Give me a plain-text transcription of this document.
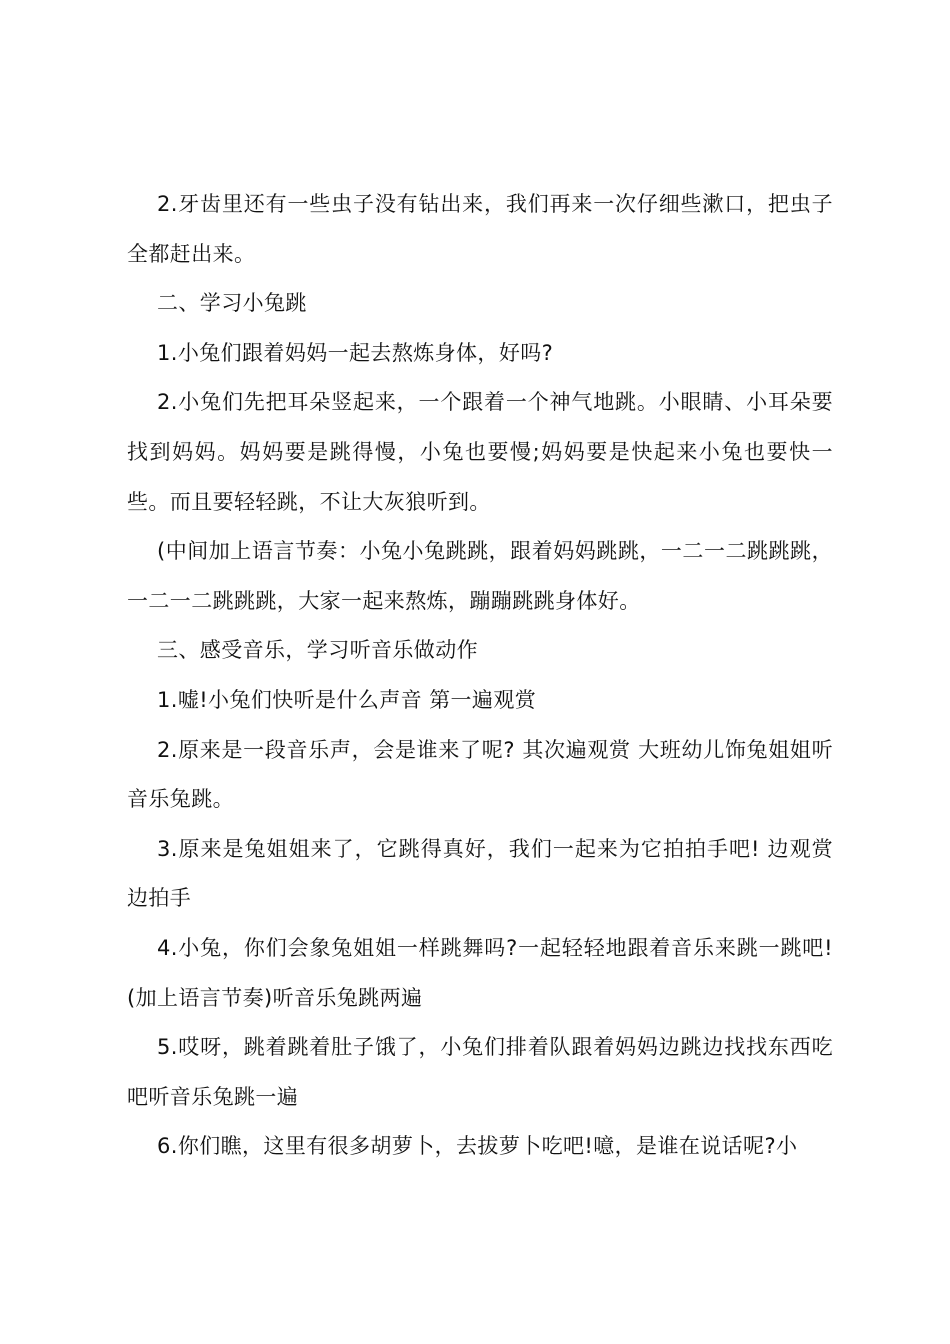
2.牙齿里还有一些虫子没有钻出来，我们再来一次仔细些漱口，把虫子全都赶出来。

二、学习小兔跳

1.小兔们跟着妈妈一起去熬炼身体，好吗?

2.小兔们先把耳朵竖起来，一个跟着一个神气地跳。小眼睛、小耳朵要找到妈妈。妈妈要是跳得慢，小兔也要慢;妈妈要是快起来小兔也要快一些。而且要轻轻跳，不让大灰狼听到。

(中间加上语言节奏：小兔小兔跳跳，跟着妈妈跳跳，一二一二跳跳跳，一二一二跳跳跳，大家一起来熬炼，蹦蹦跳跳身体好。

三、感受音乐，学习听音乐做动作

1.嘘!小兔们快听是什么声音 第一遍观赏

2.原来是一段音乐声，会是谁来了呢? 其次遍观赏 大班幼儿饰兔姐姐听音乐兔跳。

3.原来是兔姐姐来了，它跳得真好，我们一起来为它拍拍手吧! 边观赏边拍手

4.小兔，你们会象兔姐姐一样跳舞吗?一起轻轻地跟着音乐来跳一跳吧!(加上语言节奏)听音乐兔跳两遍

5.哎呀，跳着跳着肚子饿了，小兔们排着队跟着妈妈边跳边找找东西吃吧听音乐兔跳一遍

6.你们瞧，这里有很多胡萝卜，去拔萝卜吃吧!噫，是谁在说话呢?小
